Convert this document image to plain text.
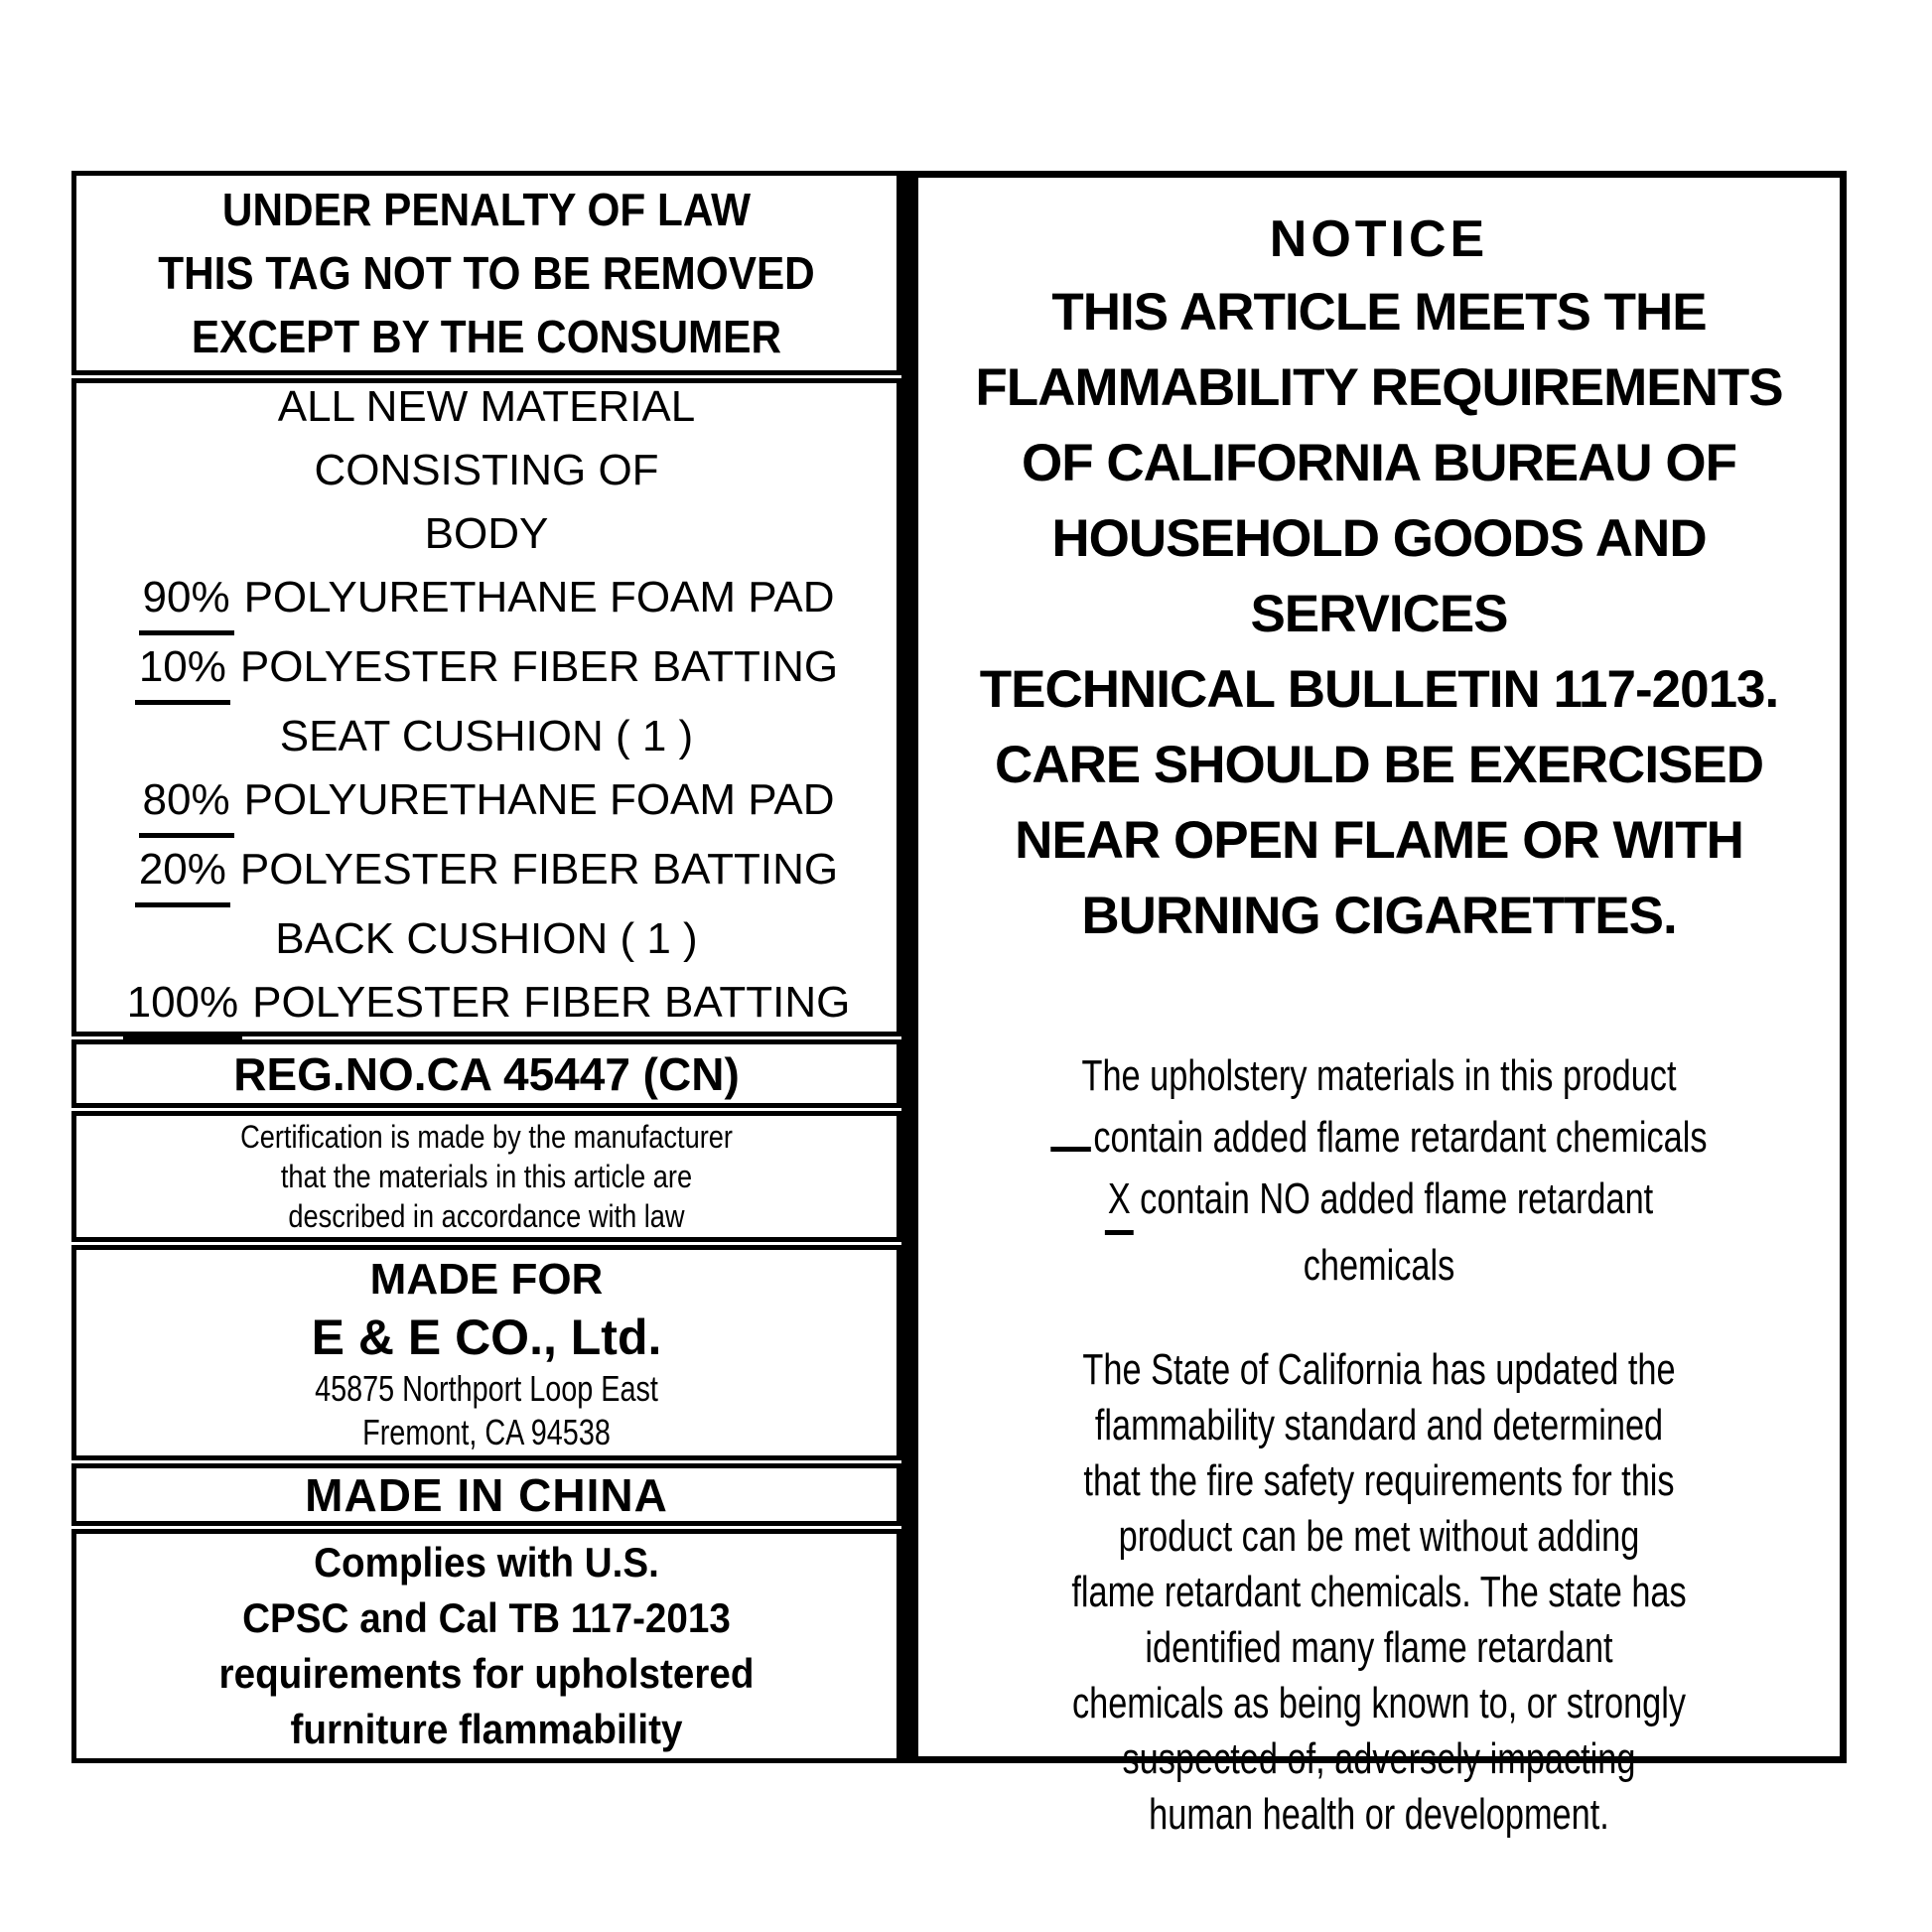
UNDER PENALTY OF LAW
THIS TAG NOT TO BE REMOVED
EXCEPT BY THE CONSUMER
ALL NEW MATERIAL
CONSISTING OF
BODY
90% POLYURETHANE FOAM PAD
10% POLYESTER FIBER BATTING
SEAT CUSHION ( 1 )
80% POLYURETHANE FOAM PAD
20% POLYESTER FIBER BATTING
BACK CUSHION ( 1 )
100% POLYESTER FIBER BATTING
REG.NO.CA 45447 (CN)
Certification is made by the manufacturer
that the materials in this article are
described in accordance with law
MADE FOR
E & E CO., Ltd.
45875 Northport Loop East
Fremont, CA 94538
MADE IN CHINA
Complies with U.S.
CPSC and Cal TB 117-2013
requirements for upholstered
furniture flammability
NOTICE
THIS ARTICLE MEETS THE
FLAMMABILITY REQUIREMENTS
OF CALIFORNIA BUREAU OF
HOUSEHOLD GOODS AND SERVICES
TECHNICAL BULLETIN 117-2013.
CARE SHOULD BE EXERCISED
NEAR OPEN FLAME OR WITH
BURNING CIGARETTES.
The upholstery materials in this product
contain added flame retardant chemicals
X contain NO added flame retardant
chemicals
The State of California has updated the
flammability standard and determined
that the fire safety requirements for this
product can be met without adding
flame retardant chemicals. The state has
identified many flame retardant
chemicals as being known to, or strongly
suspected of, adversely impacting
human health or development.
